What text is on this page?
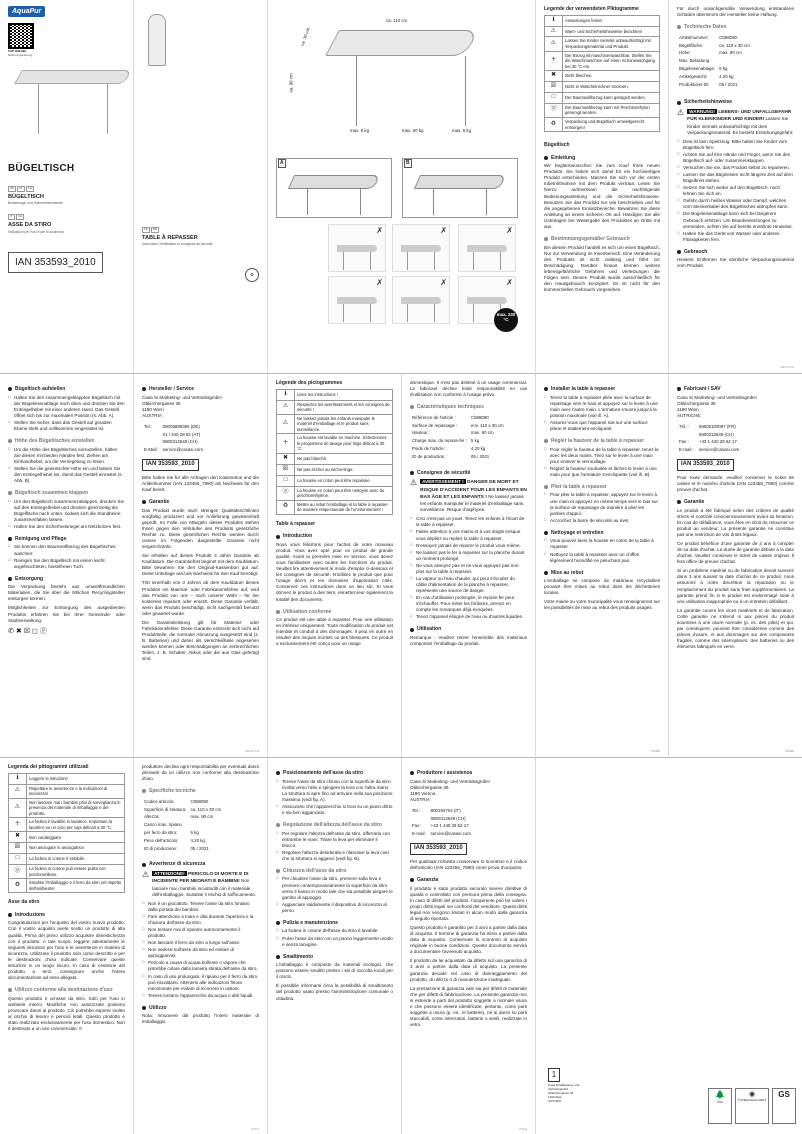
AquaPur
TOP ONLINE
Bedienungsanleitung
BÜGELTISCH
DE AT CH
BÜGELTISCH
Bedienungs- und Sicherheitshinweise
IT CH
ASSE DA STIRO
Indicazioni per l'uso e per la sicurezza
IAN 353593_2010
FR BE
TABLE À REPASSER
Instructions d'utilisation et consignes de sécurité
♻
ca. 110 cm
ca. 30 cm
ca. 90 cm
max. 5 kg	max. 20 kg	max. 5 kg
A	B
✗	✗	✗
✗	✗	✗
max. 230 °C
Legende der verwendeten Piktogramme
ℹ	Anweisungen lesen!
⚠	Warn- und Sicherheitshinweise beachten!
⚠	Lassen Sie Kinder niemals unbeaufsichtigt mit Verpackungsmaterial und Produkt.
♱	Der Bezug ist maschinenwaschbar. Stellen Sie die Waschmaschine auf einen Schonwaschgang bei 30 °C ein.
✖	Nicht bleichen.
☒	Nicht in Wäschetrockner trocknen.
□	Der Baumwollbezug kann gebügelt werden.
ⓟ	Der Baumwollbezug kann mit Perchlorethylen gereinigt werden.
♻	Verpackung und Bügeltisch umweltgerecht entsorgen!
Bügeltisch
Einleitung
Wir beglückwünschen Sie zum Kauf Ihres neuen Produkts. Sie haben sich damit für ein hochwertiges Produkt entschieden. Machen Sie sich vor der ersten Inbetriebnahme mit dem Produkt vertraut. Lesen Sie hierzu aufmerksam die nachfolgende Bedienungsanleitung und die Sicherheitshinweise. Benutzen Sie das Produkt nur wie beschrieben und für die angegebenen Einsatzbereiche. Bewahren Sie diese Anleitung an einem sicheren Ort auf. Händigen Sie alle Unterlagen bei Weitergabe des Produktes an Dritte mit aus.
Bestimmungsgemäßer Gebrauch
Bei diesem Produkt handelt es sich um einen Bügeltisch. Nur zur Verwendung im Innenbereich. Eine Veränderung des Produkts ist nicht zulässig und führt zur Beschädigung. Darüber hinaus können weitere lebensgefährliche Gefahren und Verletzungen die Folgen sein. Dieses Produkt wurde ausschließlich für den Hausgebrauch konzipiert. Es ist nicht für den kommerziellen Gebrauch vorgesehen.
Für durch unsachgemäße Verwendung entstandene Schäden übernimmt der Hersteller keine Haftung.
Technische Daten
Artikelnummer:	C598090
Bügelfläche:	ca. 110 x 30 cm
Höhe:	max. 90 cm
Max. Belastung	
Bügeleisenablage:	5 kg
Artikelgewicht:	4,20 kg
Produktions-ID:	05 / 2021
Sicherheitshinweise
⚠	WARNUNG! LEBENS- UND UNFALLGEFAHR FÜR KLEINKINDER UND KINDER! Lassen Sie Kinder niemals unbeaufsichtigt mit dem Verpackungsmaterial. Es besteht Erstickungsgefahr.
□ Dies ist kein Spielzeug. Bitte halten Sie Kinder vom Bügeltisch fern.
□ Achten Sie auf Ihre Hände und Finger, wenn Sie den Bügeltisch auf- oder zusammenklappen.
□ Versuchen Sie nie, das Produkt selbst zu reparieren.
□ Lassen Sie das Bügeleisen nicht längere Zeit auf dem Bügelbrett stehen.
□ Setzen Sie sich weder auf den Bügeltisch, noch lehnen Sie sich an.
□ Gefahr durch heißes Wasser oder Dampf, welches vom Steckerkabel des Bügeltisches abtropfen kann.
□ Die Bügeleisenablage kann sich bei längerem Gebrauch erhitzen. Um Brandverletzungen zu vermeiden, achten Sie auf bereits erwähnte Hinweise.
□ Halten Sie das Gerät von Wasser oder anderen Flüssigkeiten fern.
Gebrauch
Hinweis: Entfernen Sie sämtliche Verpackungsmaterial vom Produkt.
DE/AT/CH
Bügeltisch aufstellen
□ Halten Sie den zusammengeklappten Bügeltisch mit der Bügeleisenablage nach oben und drücken Sie den Entriegelhebel mit einer anderen Hand. Das Gestell öffnet sich bis zur maximalen Position (s. Abb. A).
□ Stellen Sie sicher, dass das Gestell auf geraden Ebene steht und vollkommen eingerastet ist.
Höhe des Bügeltisches einstellen
□ Um die Höhe des Bügeltisches einzustellen, halten Sie diesen mit beiden Händen fest. Ziehen am Einhandhebel, um die Verriegelung zu lösen.
□ Stellen Sie die gewünschte Höhe ein und lassen Sie den Entriegelhebel los, damit das Gestell einrastet (s. Abb. B).
Bügeltisch zusammen klappen
□ Um den Bügeltisch zusammenzuklappen, drücken Sie auf den Entriegelhebel und drücken gleichzeitig die Bügelfläche nach unten, sodass sich die Standbeine zusammenfalten lassen.
□ Halten Sie den Sicherheitsriegel am Netzbolzen fest.
Reinigung und Pflege
□ Sie können den Baumwollbezug des Bügeltisches waschen:
□ Reinigen Sie den Bügeltisch mit einem leicht angefeuchteten, fusselfreien Tuch.
Entsorgung
Die Verpackung besteht aus umweltfreundlichen Materialien, die Sie über die örtlichen Recyclingstellen entsorgen können.
Möglichkeiten zur Entsorgung des ausgedienten Produkts erfahren Sie bei Ihrer Gemeinde- oder Stadtverwaltung.
✆✖☒◻Ⓟ
Hersteller / Service
Casa Si Marketing- und VertriebsgmbH
Obkirchergasse 36
1190 Wien
AUSTRIA
Tel.:	08005889385 (DE)
	01 / 440 28 62 (AT)
	0800312649 (CH)
E-Mail:	service@casasi.com
IAN 353593_2010
Bitte halten Sie für alle Anfragen den Kassenbon und die Artikelnummer (IAN 123456_7890) als Nachweis für den Kauf bereit.
Garantie
Das Produkt wurde nach strengen Qualitätsrichtlinien sorgfältig produziert und vor Anlieferung gewissenhaft geprüft. Im Falle von Mängeln dieses Produkts stehen Ihnen gegen den Verkäufer des Produkts gesetzliche Rechte zu. Diese gesetzlichen Rechte werden durch unsere im Folgenden dargestellte Garantie nicht eingeschränkt.
Sie erhalten auf dieses Produkt 3 Jahre Garantie ab Kaufdatum. Die Garantiefrist beginnt mit dem Kaufdatum. Bitte bewahren Sie den Original-Kassenbon gut auf. Diese Unterlage wird als Nachweis für den Kauf benötigt.
Tritt innerhalb von 3 Jahren ab dem Kaufdatum dieses Produkts ein Material- oder Fabrikationsfehler auf, wird das Produkt von uns – nach unserer Wahl – für Sie kostenlos repariert oder ersetzt. Diese Garantie verfällt, wenn das Produkt beschädigt, nicht sachgemäß benutzt oder gewartet wurde.
Die Garantieleistung gilt für Material- oder Fabrikationsfehler. Diese Garantie erstreckt sich nicht auf Produktteile, die normaler Abnutzung ausgesetzt sind (z. B. Batterien) und daher als Verschleißteile angesehen werden können oder Beschädigungen an zerbrechlichen Teilen, z. B. Schalter, Akkus oder die aus Glas gefertigt sind.
DE/AT/CH
Légende des pictogrammes
ℹ	Lisez les instructions !
⚠	Respectez les avertissements et les consignes de sécurité !
⚠	Ne laissez jamais les enfants manipuler le matériel d'emballage et le produit sans surveillance.
♱	La housse est lavable en machine. Sélectionnez le programme de lavage pour linge délicat à 30 °C.
✖	Ne pas blanchir.
☒	Ne pas sécher au sèche-linge.
□	La housse en coton peut être repassée.
ⓟ	La housse en coton peut être nettoyée avec du perchloréthylène.
♻	Mettre au rebut l'emballage et la table à repasser de manière respectueuse de l'environnement !
Table à repasser
Introduction
Nous vous félicitons pour l'achat de votre nouveau produit. Vous avez opté pour un produit de grande qualité. Avant la première mise en service, vous devez vous familiariser avec toutes les fonctions du produit. Veuillez lire attentivement le mode d'emploi ci-dessous et les consignes de sécurité. N'utilisez le produit que pour l'usage décrit et les domaines d'application cités. Conservez ces instructions dans un lieu sûr. Si vous donnez le produit à des tiers, remettez-leur également la totalité des documents.
Utilisation conforme
Ce produit est une table à repasser. Pour une utilisation en intérieur uniquement. Toute modification du produit est interdite et conduit à des dommages. Il peut en outre en résulter des risques mortels ou des blessures. Ce produit a exclusivement été conçu pour un usage
domestique. Il n'est pas destiné à un usage commercial. Le fabricant décline toute responsabilité en cas d'utilisation non conforme à l'usage prévu.
Caractéristiques techniques
Référence de l'article :	C598090
Surface de repassage :	env. 110 x 30 cm
Hauteur :	max. 90 cm
Charge max. du repose-fer :	5 kg
Poids de l'article :	4,20 kg
ID de production :	05 / 2021
Consignes de sécurité
⚠	AVERTISSEMENT ! DANGER DE MORT ET RISQUE D'ACCIDENT POUR LES ENFANTS EN BAS ÂGE ET LES ENFANTS ! Ne laissez jamais les enfants manipuler le matériel d'emballage sans surveillance. Risque d'asphyxie.
□ Ceci n'est pas un jouet. Tenez les enfants à l'écart de la table à repasser.
□ Faites attention à vos mains et à vos doigts lorsque vous dépliez ou repliez la table à repasser.
□ N'essayez jamais de réparer le produit vous-même.
□ Ne laissez pas le fer à repasser sur la planche durant un moment prolongé.
□ Ne vous asseyez pas et ne vous appuyez pas non plus sur la table à repasser.
□ La vapeur ou l'eau chaude, qui peut s'écouler du câble d'alimentation de la planche à repasser, représente une source de danger.
□ En cas d'utilisation prolongée, le repose-fer peut s'échauffer. Pour éviter les brûlures, prenez en compte les remarques déjà évoquées.
□ Tenez l'appareil éloigné de l'eau ou d'autres liquides.
Utilisation
Remarque : Veuillez retirer l'ensemble des matériaux composant l'emballage du produit.
Installer la table à repasser
□ Tenez la table à repasser pliée avec la surface de repassage vers le haut et appuyez sur le levier à une main avec l'autre main. L'armature s'ouvre jusqu'à la position maximale (voir ill. A).
□ Assurez-vous que l'appareil soit sur une surface plane et totalement encliqueté.
Régler la hauteur de la table à repasser
□ Pour régler la hauteur de la table à repasser, tenez-la avec les deux mains. Tirez sur le levier à une main pour enlever le verrouillage.
□ Réglez la hauteur souhaitée et lâchez le levier à une main pour que l'armature s'encliquette (voir ill. B).
Plier la table à repasser
□ Pour plier la table à repasser, appuyez sur le levier à une main et appuyez en même temps vers le bas sur la surface de repassage de manière à plier les jambes d'appui.
□ Accrochez la barre de sécurité au rivet.
Nettoyage et entretien
□ Vous pouvez laver la housse en coton de la table à repasser :
□ Nettoyez la table à repasser avec un chiffon légèrement humidifié ne peluchant pas.
Mise au rebut
L'emballage se compose de matériaux recyclables pouvant être mises au rebut dans les déchetteries locales.
Votre mairie ou votre municipalité vous renseigneront sur les possibilités de mise au rebut des produits usagés.
FR/BE
Fabricant / SAV
Casa Si Marketing- und VertriebsgmbH
Obkirchergasse 36
1190 Wien
AUTRICHE
Tél. :	08005100097 (FR)
	0800312649 (CH)
Fax :	+43 1 440 28 62 17
E-mail :	service@casasi.com
IAN 353593_2010
Pour toute demande, veuillez conserver le ticket de caisse et le numéro d'article (IAN 123456_7890) comme preuve d'achat.
Garantie
Le produit a été fabriqué selon des critères de qualité stricts et contrôlé consciencieusement avant sa livraison. En cas de défaillance, vous êtes en droit de retourner ce produit au vendeur. La présente garantie ne constitue pas une restriction de vos droits légaux.
Ce produit bénéficie d'une garantie de 3 ans à compter de sa date d'achat. La durée de garantie débute à la date d'achat. Veuillez conserver le ticket de caisse original. Il fera office de preuve d'achat.
Si un problème matériel ou de fabrication devait survenir dans 3 ans suivant la date d'achat de ce produit, nous assurons à notre discrétion la réparation ou le remplacement du produit sans frais supplémentaires. La garantie prend fin si le produit est endommagé suite à une utilisation inappropriée ou à un entretien défaillant.
La garantie couvre les vices matériels et de fabrication. Cette garantie ne s'étend ni aux pièces du produit soumises à une usure normale (p. ex. des piles) et qui, par conséquent, peuvent être considérées comme des pièces d'usure, ni aux dommages sur des composants fragiles, comme des interrupteurs, des batteries ou des éléments fabriqués en verre.
FR/BE
Legenda dei pittogrammi utilizzati
ℹ	Leggere le istruzioni!
⚠	Rispettare le avvertenze e le indicazioni di sicurezza!
⚠	Non lasciare mai i bambini privi di sorveglianza in presenza del materiale di imballaggio e del prodotto.
♱	La fodera è lavabile in lavatrice. Impostare la lavatrice su un ciclo per capi delicati a 30 °C.
✖	Non candeggiare.
☒	Non asciugare in asciugatrice.
□	La fodera in cotone è stirabile.
ⓟ	La fodera in cotone può essere pulita con percloroetilene.
♻	Smaltire l'imballaggio e il ferro da stiro nel rispetto dell'ambiente!
Asse da stiro
Introduzione
Congratulazioni per l'acquisto del vostro nuovo prodotto. Con il vostro acquisto avete scelto un prodotto di alta qualità. Prima del primo utilizzo acquisire dimestichezza con il prodotto. A tale scopo, leggere attentamente le seguenti istruzioni per l'uso e le avvertenze in materia di sicurezza. Utilizzare il prodotto solo come descritto e per le destinazioni d'uso indicate. Conservare queste istruzioni in un luogo sicuro. In caso di cessione del prodotto a terzi, consegnare anche l'intera documentazione ad esso allegata.
Utilizzo conforme alla destinazione d'uso
Questo prodotto è un'asse da stiro. Solo per l'uso in ambienti interni. Modifiche non autorizzate possono provocare danni al prodotto. Ciò potrebbe esporre inoltre al rischio di lesioni e pericoli letali. Questo prodotto è stato realizzato esclusivamente per l'uso domestico. Non è destinato a un uso commerciale. Il
produttore declina ogni responsabilità per eventuali danni derivanti da un utilizzo non conforme alla destinazione d'uso.
Specifiche tecniche
Codice articolo:	C598090
Superficie di stiratura:	ca. 110 x 30 cm
Altezza:	max. 90 cm
Carico max. ripiano	
per ferro da stiro:	5 kg
Peso dell'articolo:	4,20 kg
ID di produzione:	05 / 2021
Avvertenze di sicurezza
⚠	ATTENZIONE! PERICOLO DI MORTE E DI INCIDENTE PER NEONATI E BAMBINI! Non lasciare mai i bambini incustoditi con il materiale dell'imballaggio. Sussiste il rischio di soffocamento.
□ Non è un giocattolo. Tenere l'asse da stiro lontano dalla portata dei bambini.
□ Fare attenzione a mani e dita durante l'apertura o la chiusura dell'asse da stiro.
□ Non tentare mai di riparare autonomamente il prodotto.
□ Non lasciare il ferro da stiro a lungo sull'asse.
□ Non sedersi sull'asse da stiro ed evitare di appoggiarvisi.
□ Pericolo a causa di acqua bollente o vapore che potrebbe colare dalla lamiera stirata dell'asse da stiro.
□ In caso di uso prolungato, il ripiano per il ferro da stiro può riscaldarsi. Attenersi alle indicazioni finora menzionate per evitare di incorrere in ustioni.
□ Tenere lontano l'apparecchio da acqua o altri liquidi.
Utilizzo
Nota: rimuovere dal prodotto l'intero materiale di imballaggio.
IT/CH
Posizionamento dell'asse da stiro
□ Tenere l'asse da stiro chiusa con la superficie da stiro rivolta verso l'alto e spingere la leva con l'altra mano. La struttura si apre fino ad arrivare nella sua posizione massima (vedi fig. A).
□ Assicurarsi che l'apparecchio si trovi su un piano dritto e sia ben agganciato.
Regolazione dell'altezza dell'asse da stiro
□ Per regolare l'altezza dell'asse da stiro, afferrarla con entrambe le mani. Tirare la leva per eliminare il blocco.
□ Regolare l'altezza desiderata e rilasciare la leva così che la struttura si agganci (vedi fig. B).
Chiusura dell'asse da stiro
□ Per chiudere l'asse da stiro, premere sulla leva e premere contemporaneamente la superficie da stiro verso il basso in modo tale che sia possibile piegare le gambe di appoggio.
□ Agganciare saldamente il dispositivo di sicurezza al perno.
Pulizia e manutenzione
□ La fodera in cotone dell'asse da stiro è lavabile:
□ Pulire l'asse da stiro con un panno leggermente umido e senza lanugine.
Smaltimento
L'imballaggio è composto da materiali ecologici, che possono essere smaltiti presso i siti di raccolta locali per il riciclo.
È possibile informarsi circa la possibilità di smaltimento del prodotto usato presso l'amministrazione comunale o cittadina.
Produttore / assistenza
Casa Si Marketing- und VertriebsgmbH
Obkirchergasse 36
1190 Vienna
AUSTRIA
Tel.:	800194704 (IT)
	0800312649 (CH)
Fax:	+43 1 440 28 62 17
E-mail:	service@casasi.com
IAN 353593_2010
Per qualsiasi richiesta conservare lo scontrino e il codice dell'articolo (IAN 123456_7890) come prova d'acquisto.
Garanzia
Il prodotto è stato prodotto secondo severe direttive di qualità e controllato con premura prima della consegna. In caso di difetti del prodotto, l'acquirente può far valere i propri diritti legali nei confronti del venditore. Questi diritti legali non vengono limitati in alcun modo dalla garanzia di seguito riportata.
Questo prodotto è garantito per 3 anni a partire dalla data di acquisto. Il termine di garanzia ha inizio a partire dalla data di acquisto. Conservare lo scontrino di acquisto originale in buone condizioni. Questo documento servirà a documentare l'avvenuto acquisto.
Il prodotto da lei acquistato da difetto sul una garanzia di 3 anni a partire dalla data di acquisto. La presente garanzia decade nel caso di danneggiamento del prodotto, di utilizzo o di manutenzione inadeguati.
La prestazione di garanzia vale sia per difetti di materiale che per difetti di fabbricazione. La presente garanzia non si estende a parti del prodotto soggette a normale usura e che possono essere identificate, pertanto, come parti soggette a usura (p. es., le batterie), né ai danni su parti staccabili, come interruttori, batterie o simili, realizzate in vetro.
IT/CH
1
Casa Si Marketing- und
VertriebsgmbH
Obkirchergasse 36
1190 Wien
AUSTRIA
🌲
FSC
◉
TÜVRheinland CERT
GS
